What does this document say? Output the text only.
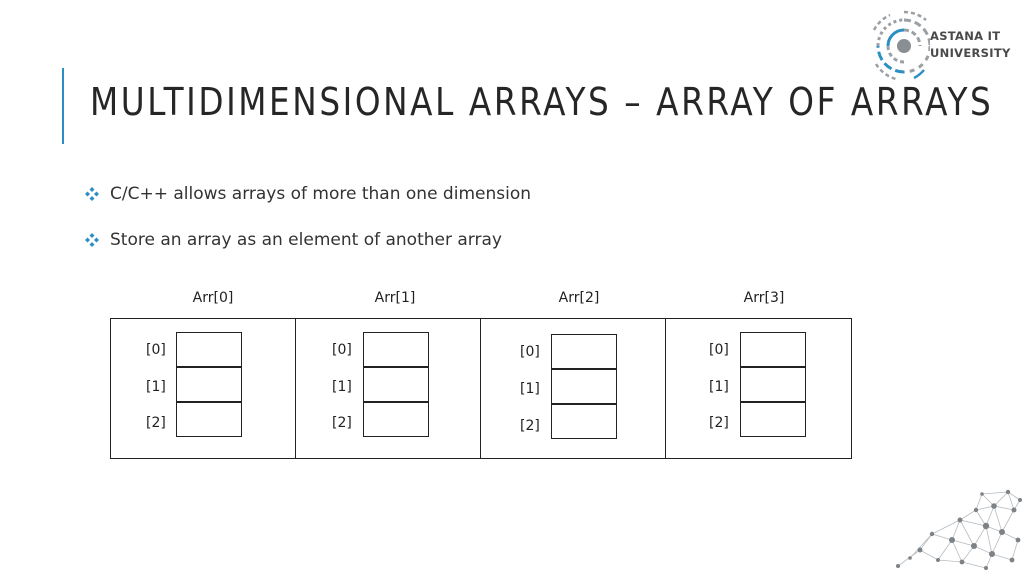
MULTIDIMENSIONAL ARRAYS – ARRAY OF ARRAYS
ASTANA IT
UNIVERSITY
C/C++ allows arrays of more than one dimension
Store an array as an element of another array
Arr[0]	Arr[1]	Arr[2]	Arr[3]
[0]
[1]
[2]
[0]
[1]
[2]
[0]
[1]
[2]
[0]
[1]
[2]
